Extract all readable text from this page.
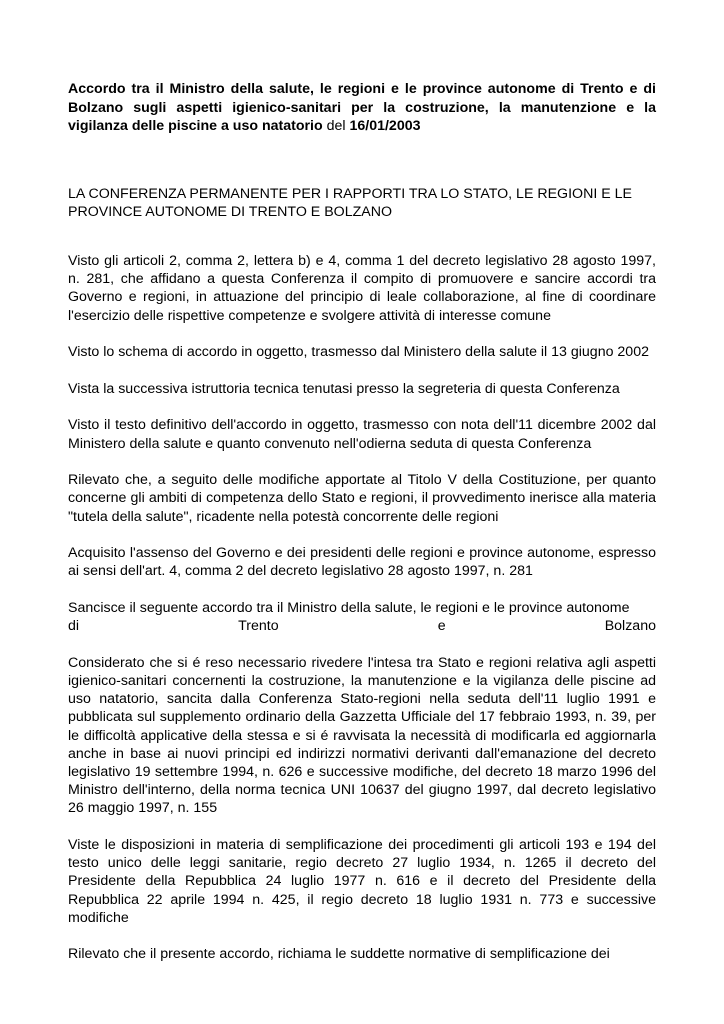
Accordo tra il Ministro della salute, le regioni e le province autonome di Trento e di Bolzano sugli aspetti igienico-sanitari per la costruzione, la manutenzione e la vigilanza delle piscine a uso natatorio del 16/01/2003

LA CONFERENZA PERMANENTE PER I RAPPORTI TRA LO STATO, LE REGIONI E LE PROVINCE AUTONOME DI TRENTO E BOLZANO

Visto gli articoli 2, comma 2, lettera b) e 4, comma 1 del decreto legislativo 28 agosto 1997, n. 281, che affidano a questa Conferenza il compito di promuovere e sancire accordi tra Governo e regioni, in attuazione del principio di leale collaborazione, al fine di coordinare l'esercizio delle rispettive competenze e svolgere attività di interesse comune

Visto lo schema di accordo in oggetto, trasmesso dal Ministero della salute il 13 giugno 2002

Vista la successiva istruttoria tecnica tenutasi presso la segreteria di questa Conferenza

Visto il testo definitivo dell'accordo in oggetto, trasmesso con nota dell'11 dicembre 2002 dal Ministero della salute e quanto convenuto nell'odierna seduta di questa Conferenza

Rilevato che, a seguito delle modifiche apportate al Titolo V della Costituzione, per quanto concerne gli ambiti di competenza dello Stato e regioni, il provvedimento inerisce alla materia "tutela della salute", ricadente nella potestà concorrente delle regioni

Acquisito l'assenso del Governo e dei presidenti delle regioni e province autonome, espresso ai sensi dell'art. 4, comma 2 del decreto legislativo 28 agosto 1997, n. 281

Sancisce il seguente accordo tra il Ministro della salute, le regioni e le province autonome
di	Trento	e	Bolzano

Considerato che si é reso necessario rivedere l'intesa tra Stato e regioni relativa agli aspetti igienico-sanitari concernenti la costruzione, la manutenzione e la vigilanza delle piscine ad uso natatorio, sancita dalla Conferenza Stato-regioni nella seduta dell'11 luglio 1991 e pubblicata sul supplemento ordinario della Gazzetta Ufficiale del 17 febbraio 1993, n. 39, per le difficoltà applicative della stessa e si é ravvisata la necessità di modificarla ed aggiornarla anche in base ai nuovi principi ed indirizzi normativi derivanti dall'emanazione del decreto legislativo 19 settembre 1994, n. 626 e successive modifiche, del decreto 18 marzo 1996 del Ministro dell'interno, della norma tecnica UNI 10637 del giugno 1997, dal decreto legislativo 26 maggio 1997, n. 155

Viste le disposizioni in materia di semplificazione dei procedimenti gli articoli 193 e 194 del testo unico delle leggi sanitarie, regio decreto 27 luglio 1934, n. 1265 il decreto del Presidente della Repubblica 24 luglio 1977 n. 616 e il decreto del Presidente della Repubblica 22 aprile 1994 n. 425, il regio decreto 18 luglio 1931 n. 773 e successive modifiche

Rilevato che il presente accordo, richiama le suddette normative di semplificazione dei
